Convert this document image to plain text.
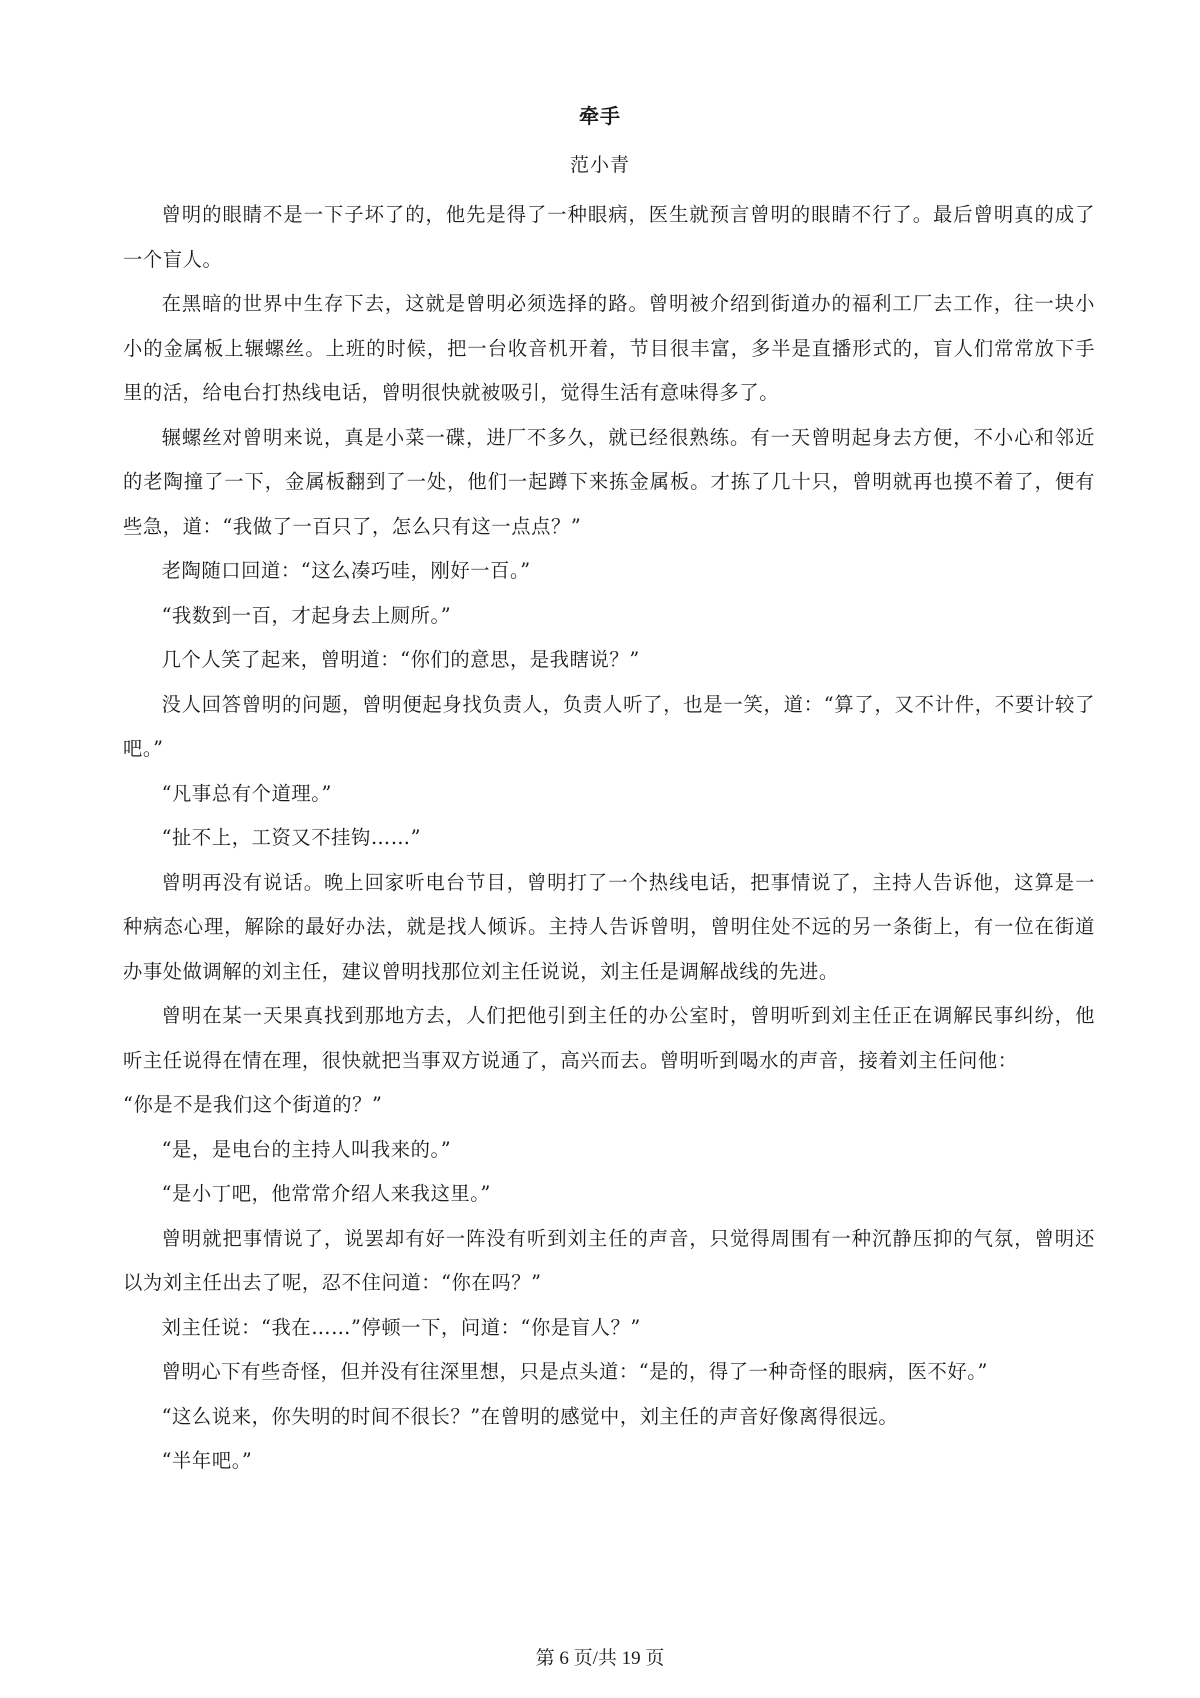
牵手
范小青

曾明的眼睛不是一下子坏了的，他先是得了一种眼病，医生就预言曾明的眼睛不行了。最后曾明真的成了一个盲人。

在黑暗的世界中生存下去，这就是曾明必须选择的路。曾明被介绍到街道办的福利工厂去工作，往一块小小的金属板上辗螺丝。上班的时候，把一台收音机开着，节目很丰富，多半是直播形式的，盲人们常常放下手里的活，给电台打热线电话，曾明很快就被吸引，觉得生活有意味得多了。

辗螺丝对曾明来说，真是小菜一碟，进厂不多久，就已经很熟练。有一天曾明起身去方便，不小心和邻近的老陶撞了一下，金属板翻到了一处，他们一起蹲下来拣金属板。才拣了几十只，曾明就再也摸不着了，便有些急，道：“我做了一百只了，怎么只有这一点点？”

老陶随口回道：“这么凑巧哇，刚好一百。”

“我数到一百，才起身去上厕所。”

几个人笑了起来，曾明道：“你们的意思，是我瞎说？”

没人回答曾明的问题，曾明便起身找负责人，负责人听了，也是一笑，道：“算了，又不计件，不要计较了吧。”

“凡事总有个道理。”

“扯不上，工资又不挂钩……”

曾明再没有说话。晚上回家听电台节目，曾明打了一个热线电话，把事情说了，主持人告诉他，这算是一种病态心理，解除的最好办法，就是找人倾诉。主持人告诉曾明，曾明住处不远的另一条街上，有一位在街道办事处做调解的刘主任，建议曾明找那位刘主任说说，刘主任是调解战线的先进。

曾明在某一天果真找到那地方去，人们把他引到主任的办公室时，曾明听到刘主任正在调解民事纠纷，他听主任说得在情在理，很快就把当事双方说通了，高兴而去。曾明听到喝水的声音，接着刘主任问他：

“你是不是我们这个街道的？”

“是，是电台的主持人叫我来的。”

“是小丁吧，他常常介绍人来我这里。”

曾明就把事情说了，说罢却有好一阵没有听到刘主任的声音，只觉得周围有一种沉静压抑的气氛，曾明还以为刘主任出去了呢，忍不住问道：“你在吗？”

刘主任说：“我在……”停顿一下，问道：“你是盲人？”

曾明心下有些奇怪，但并没有往深里想，只是点头道：“是的，得了一种奇怪的眼病，医不好。”

“这么说来，你失明的时间不很长？”在曾明的感觉中，刘主任的声音好像离得很远。

“半年吧。”

第 6 页/共 19 页
